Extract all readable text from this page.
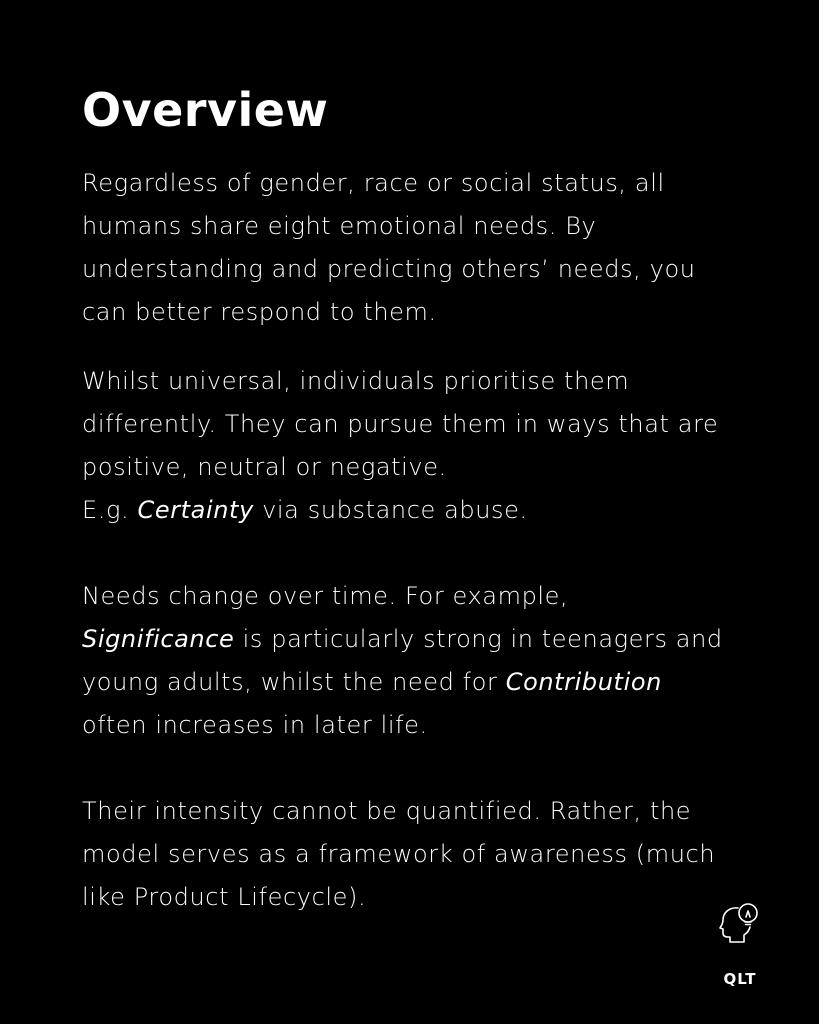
Overview

Regardless of gender, race or social status, all humans share eight emotional needs. By understanding and predicting others’ needs, you can better respond to them.

Whilst universal, individuals prioritise them differently. They can pursue them in ways that are positive, neutral or negative.
E.g. Certainty via substance abuse.

Needs change over time. For example,
Significance is particularly strong in teenagers and young adults, whilst the need for Contribution often increases in later life.

Their intensity cannot be quantified. Rather, the model serves as a framework of awareness (much like Product Lifecycle).

QLT
